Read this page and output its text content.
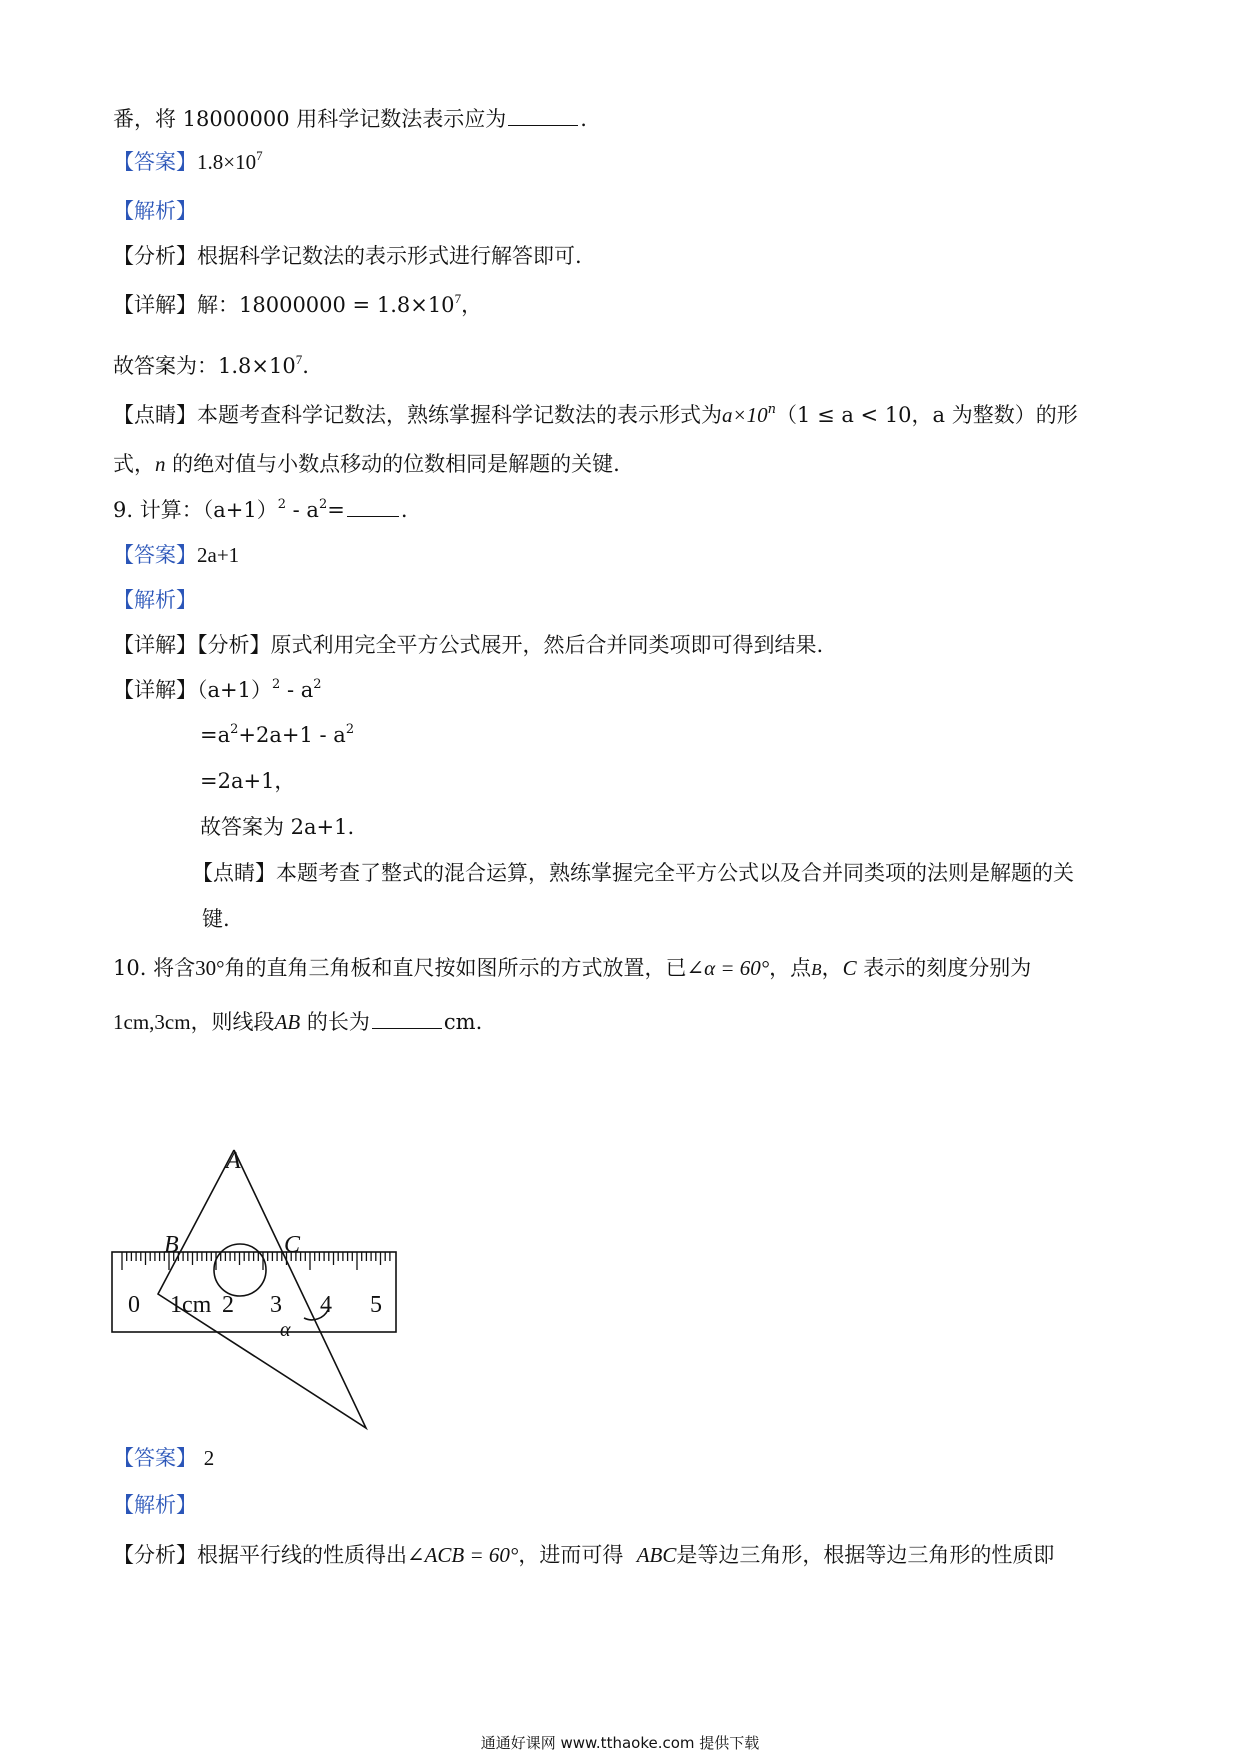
番，将 18000000 用科学记数法表示应为	.
【答案】$1.8\times 10^7$
【解析】
【分析】根据科学记数法的表示形式进行解答即可.
【详解】解：$18000000 = 1.8\times 10^7$，
故答案为：$1.8\times 10^7$.
【点睛】本题考查科学记数法，熟练掌握科学记数法的表示形式为$a\times 10^n(1 \le a < 10$，a 为整数）的形
式，n 的绝对值与小数点移动的位数相同是解题的关键.
9. 计算：$(a+1)^2 - a^2=$	.
【答案】2a+1
【解析】
【详解】【分析】原式利用完全平方公式展开，然后合并同类项即可得到结果.
【详解】$(a+1)^2 - a^2$
$=a^2+2a+1 - a^2$
=2a+1，
故答案为 2a+1.
【点睛】本题考查了整式的混合运算，熟练掌握完全平方公式以及合并同类项的法则是解题的关
键.
10. 将含30°角的直角三角板和直尺按如图所示的方式放置，已∠α = 60°，点B，C 表示的刻度分别为
1cm,3cm，则线段AB 的长为	cm.
A
B	C
α
0 1cm 2 3 4 5
【答案】 2
【解析】
【分析】根据平行线的性质得出∠ACB = 60°，进而可得 ABC是等边三角形，根据等边三角形的性质即
通通好课网 www.tthaoke.com 提供下载
